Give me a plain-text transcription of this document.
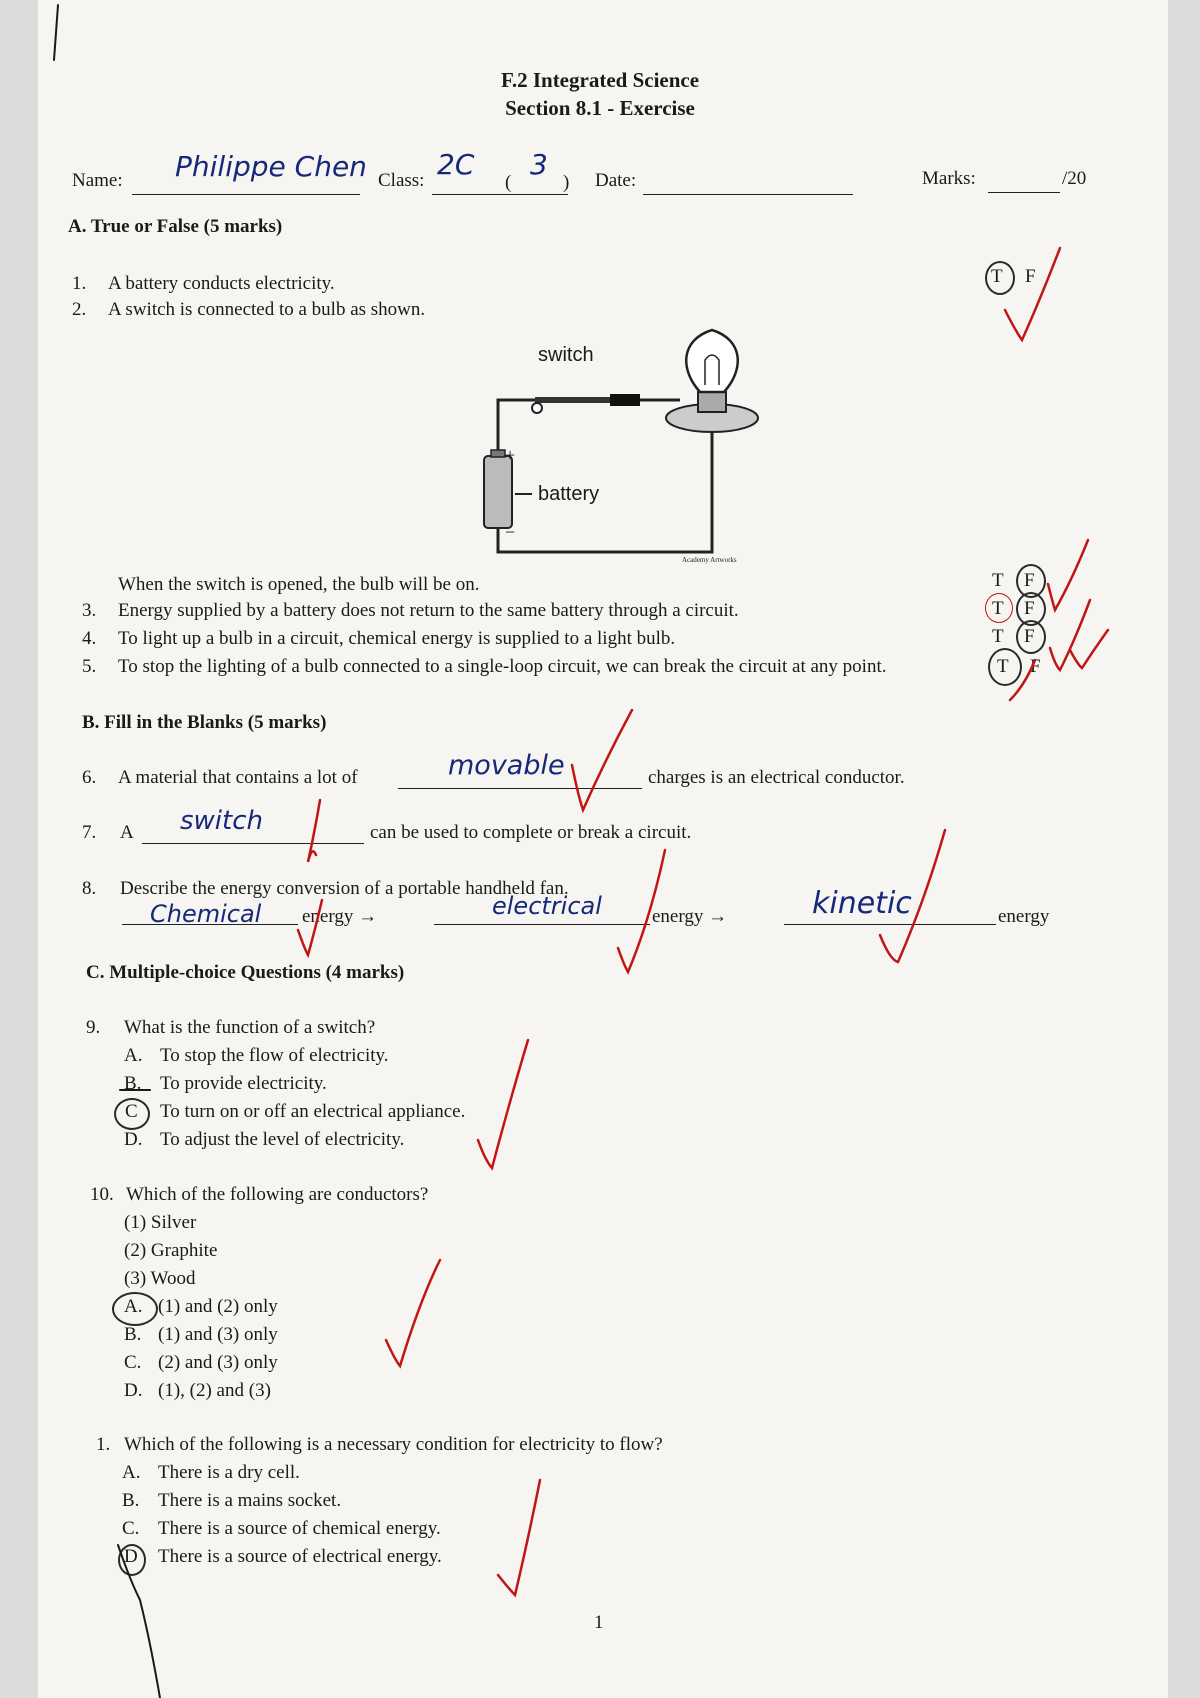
F.2 Integrated Science
Section 8.1 - Exercise
Name: Philippe Chen Class: 2C
(
3
) Date:	Marks:	/20
A. True or False (5 marks)
1. A battery conducts electricity.	T F
2. A switch is connected to a bulb as shown.
switch
battery
+
−
Academy Artworks
When the switch is opened, the bulb will be on.	T F
3. Energy supplied by a battery does not return to the same battery through a circuit.	T F
4. To light up a bulb in a circuit, chemical energy is supplied to a light bulb.	T F
5. To stop the lighting of a bulb connected to a single-loop circuit, we can break the circuit at any point.	T F
B. Fill in the Blanks (5 marks)
6. A material that contains a lot of	movable	charges is an electrical conductor.
7. A switch	can be used to complete or break a circuit.
8. Describe the energy conversion of a portable handheld fan.
Chemical energy →	electrical	energy →	kinetic	energy
C. Multiple-choice Questions (4 marks)
9. What is the function of a switch?
A. To stop the flow of electricity.
B. To provide electricity.
C To turn on or off an electrical appliance.
D. To adjust the level of electricity.
10. Which of the following are conductors?
(1) Silver
(2) Graphite
(3) Wood
A. (1) and (2) only
B. (1) and (3) only
C. (2) and (3) only
D. (1), (2) and (3)
1. Which of the following is a necessary condition for electricity to flow?
A. There is a dry cell.
B. There is a mains socket.
C. There is a source of chemical energy.
D There is a source of electrical energy.
1
